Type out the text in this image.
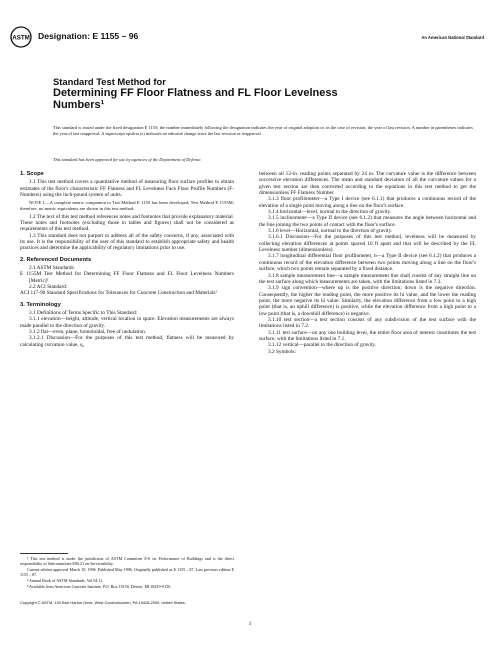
ASTM Designation: E 1155 – 96	An American National Standard
Standard Test Method for
Determining FF Floor Flatness and FL Floor Levelness
Numbers¹
This standard is issued under the fixed designation E 1155; the number immediately following the designation indicates the year of original adoption or, in the case of revision, the year of last revision. A number in parentheses indicates the year of last reapproval. A superscript epsilon (ε) indicates an editorial change since the last revision or reapproval.
This standard has been approved for use by agencies of the Department of Defense.
1. Scope

1.1 This test method covers a quantitative method of measuring floor surface profiles to obtain estimates of the floor's characteristic FF Flatness and FL Levelness Face Floor Profile Numbers (F-Numbers) using the inch-pound system of units.

NOTE 1—A complete metric companion to Test Method E 1155 has been developed, Test Method E 1155M; therefore, no metric equivalents are shown in this test method.

1.2 The text of this test method references notes and footnotes that provide explanatory material. These notes and footnotes (excluding those in tables and figures) shall not be considered as requirements of this test method.

1.3 This standard does not purport to address all of the safety concerns, if any, associated with its use. It is the responsibility of the user of this standard to establish appropriate safety and health practices and determine the applicability of regulatory limitations prior to use.

2. Referenced Documents

2.1 ASTM Standards:

E 1155M Test Method for Determining FF Floor Flatness and FL Floor Levelness Numbers [Metric]²

2.2 ACI Standard:

ACI 117-90 Standard Specifications for Tolerances for Concrete Construction and Materials³

3. Terminology

3.1 Definitions of Terms Specific to This Standard:

3.1.1 elevation—height, altitude, vertical location in space. Elevation measurements are always made parallel to the direction of gravity.

3.1.2 flat—even, plane, homoloidal, free of undulation.

3.1.2.1 Discussion—For the purposes of this test method, flatness will be measured by calculating curvature value, q,

between all 12-in. reading points separated by 24 in. The curvature value is the difference between successive elevation differences. The mean and standard deviation of all the curvature values for a given test section are then converted according to the equations in this test method to get the dimensionless FF Flatness Number.

3.1.3 floor profilometer—a Type I device (see 6.1.1) that produces a continuous record of the elevation of a single point moving along a line on the floor's surface.

3.1.4 horizontal—level, normal to the direction of gravity.

3.1.5 inclinometer—a Type II device (see 6.1.2) that measures the angle between horizontal and the line joining the two points of contact with the floor's surface.

3.1.6 level—Horizontal, normal to the direction of gravity.

3.1.6.1 Discussion—For the purposes of this test method, levelness will be measured by collecting elevation differences at points spaced 10 ft apart and that will be described by the FL Levelness number (dimensionless).

3.1.7 longitudinal differential floor profilometer, n—a Type II device (see 6.1.2) that produces a continuous record of the elevation difference between two points moving along a line on the floor's surface, which two points remain separated by a fixed distance.

3.1.8 sample measurement line—a sample measurement line shall consist of any straight line on the test surface along which measurements are taken, with the limitations listed in 7.3.

3.1.9 sign convention—where up is the positive direction; down is the negative direction. Consequently, the higher the reading point, the more positive its hi value, and the lower the reading point, the more negative its hi value. Similarly, the elevation difference from a low point to a high point (that is, an uphill difference) is positive, while the elevation difference from a high point to a low point (that is, a downhill difference) is negative.

3.1.10 test section—a test section consists of any subdivision of the test surface with the limitations listed in 7.2.

3.1.11 test surface—on any one building level, the entire floor area of interest constitutes the test surface, with the limitations listed in 7.1.

3.1.12 vertical—parallel to the direction of gravity.

3.2 Symbols:

¹ This test method is under the jurisdiction of ASTM Committee E-6 on Performance of Buildings and is the direct responsibility of Subcommittee E06.21 on Serviceability.

Current edition approved March 10, 1996. Published May 1996. Originally published as E 1155 – 87. Last previous edition E 1155 – 87.

² Annual Book of ASTM Standards, Vol 04.11.

³ Available from American Concrete Institute, P.O. Box 19150, Detroit, MI 48219-0150.

Copyright © ASTM, 100 Barr Harbor Drive, West Conshohocken, PA 19428-2959, United States.
1
